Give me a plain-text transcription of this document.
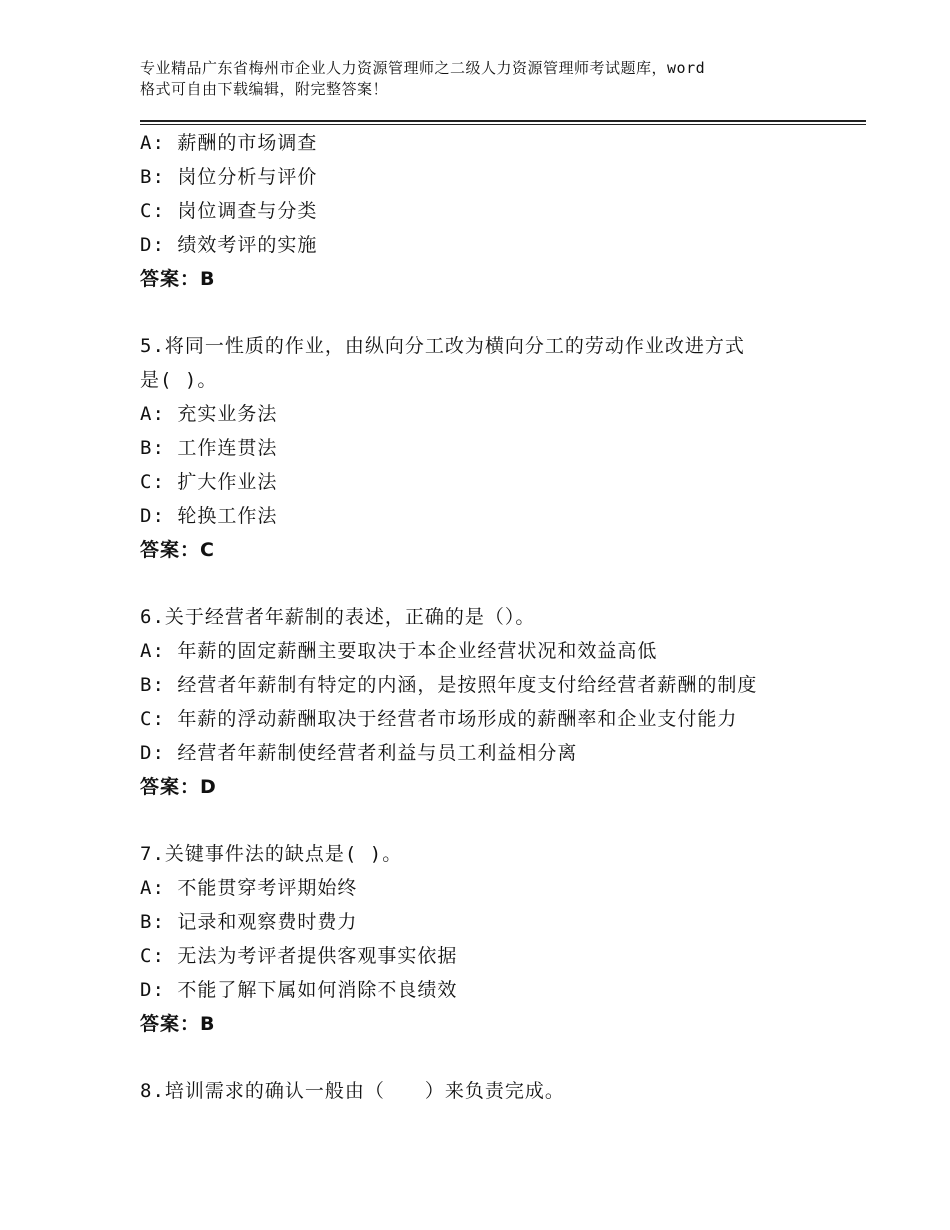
专业精品广东省梅州市企业人力资源管理师之二级人力资源管理师考试题库，word
格式可自由下载编辑，附完整答案！
A: 薪酬的市场调查
B: 岗位分析与评价
C: 岗位调查与分类
D: 绩效考评的实施
答案：B
5.将同一性质的作业，由纵向分工改为横向分工的劳动作业改进方式
是( )。
A: 充实业务法
B: 工作连贯法
C: 扩大作业法
D: 轮换工作法
答案：C
6.关于经营者年薪制的表述，正确的是（）。
A: 年薪的固定薪酬主要取决于本企业经营状况和效益高低
B: 经营者年薪制有特定的内涵，是按照年度支付给经营者薪酬的制度
C: 年薪的浮动薪酬取决于经营者市场形成的薪酬率和企业支付能力
D: 经营者年薪制使经营者利益与员工利益相分离
答案：D
7.关键事件法的缺点是( )。
A: 不能贯穿考评期始终
B: 记录和观察费时费力
C: 无法为考评者提供客观事实依据
D: 不能了解下属如何消除不良绩效
答案：B
8.培训需求的确认一般由（　　）来负责完成。
